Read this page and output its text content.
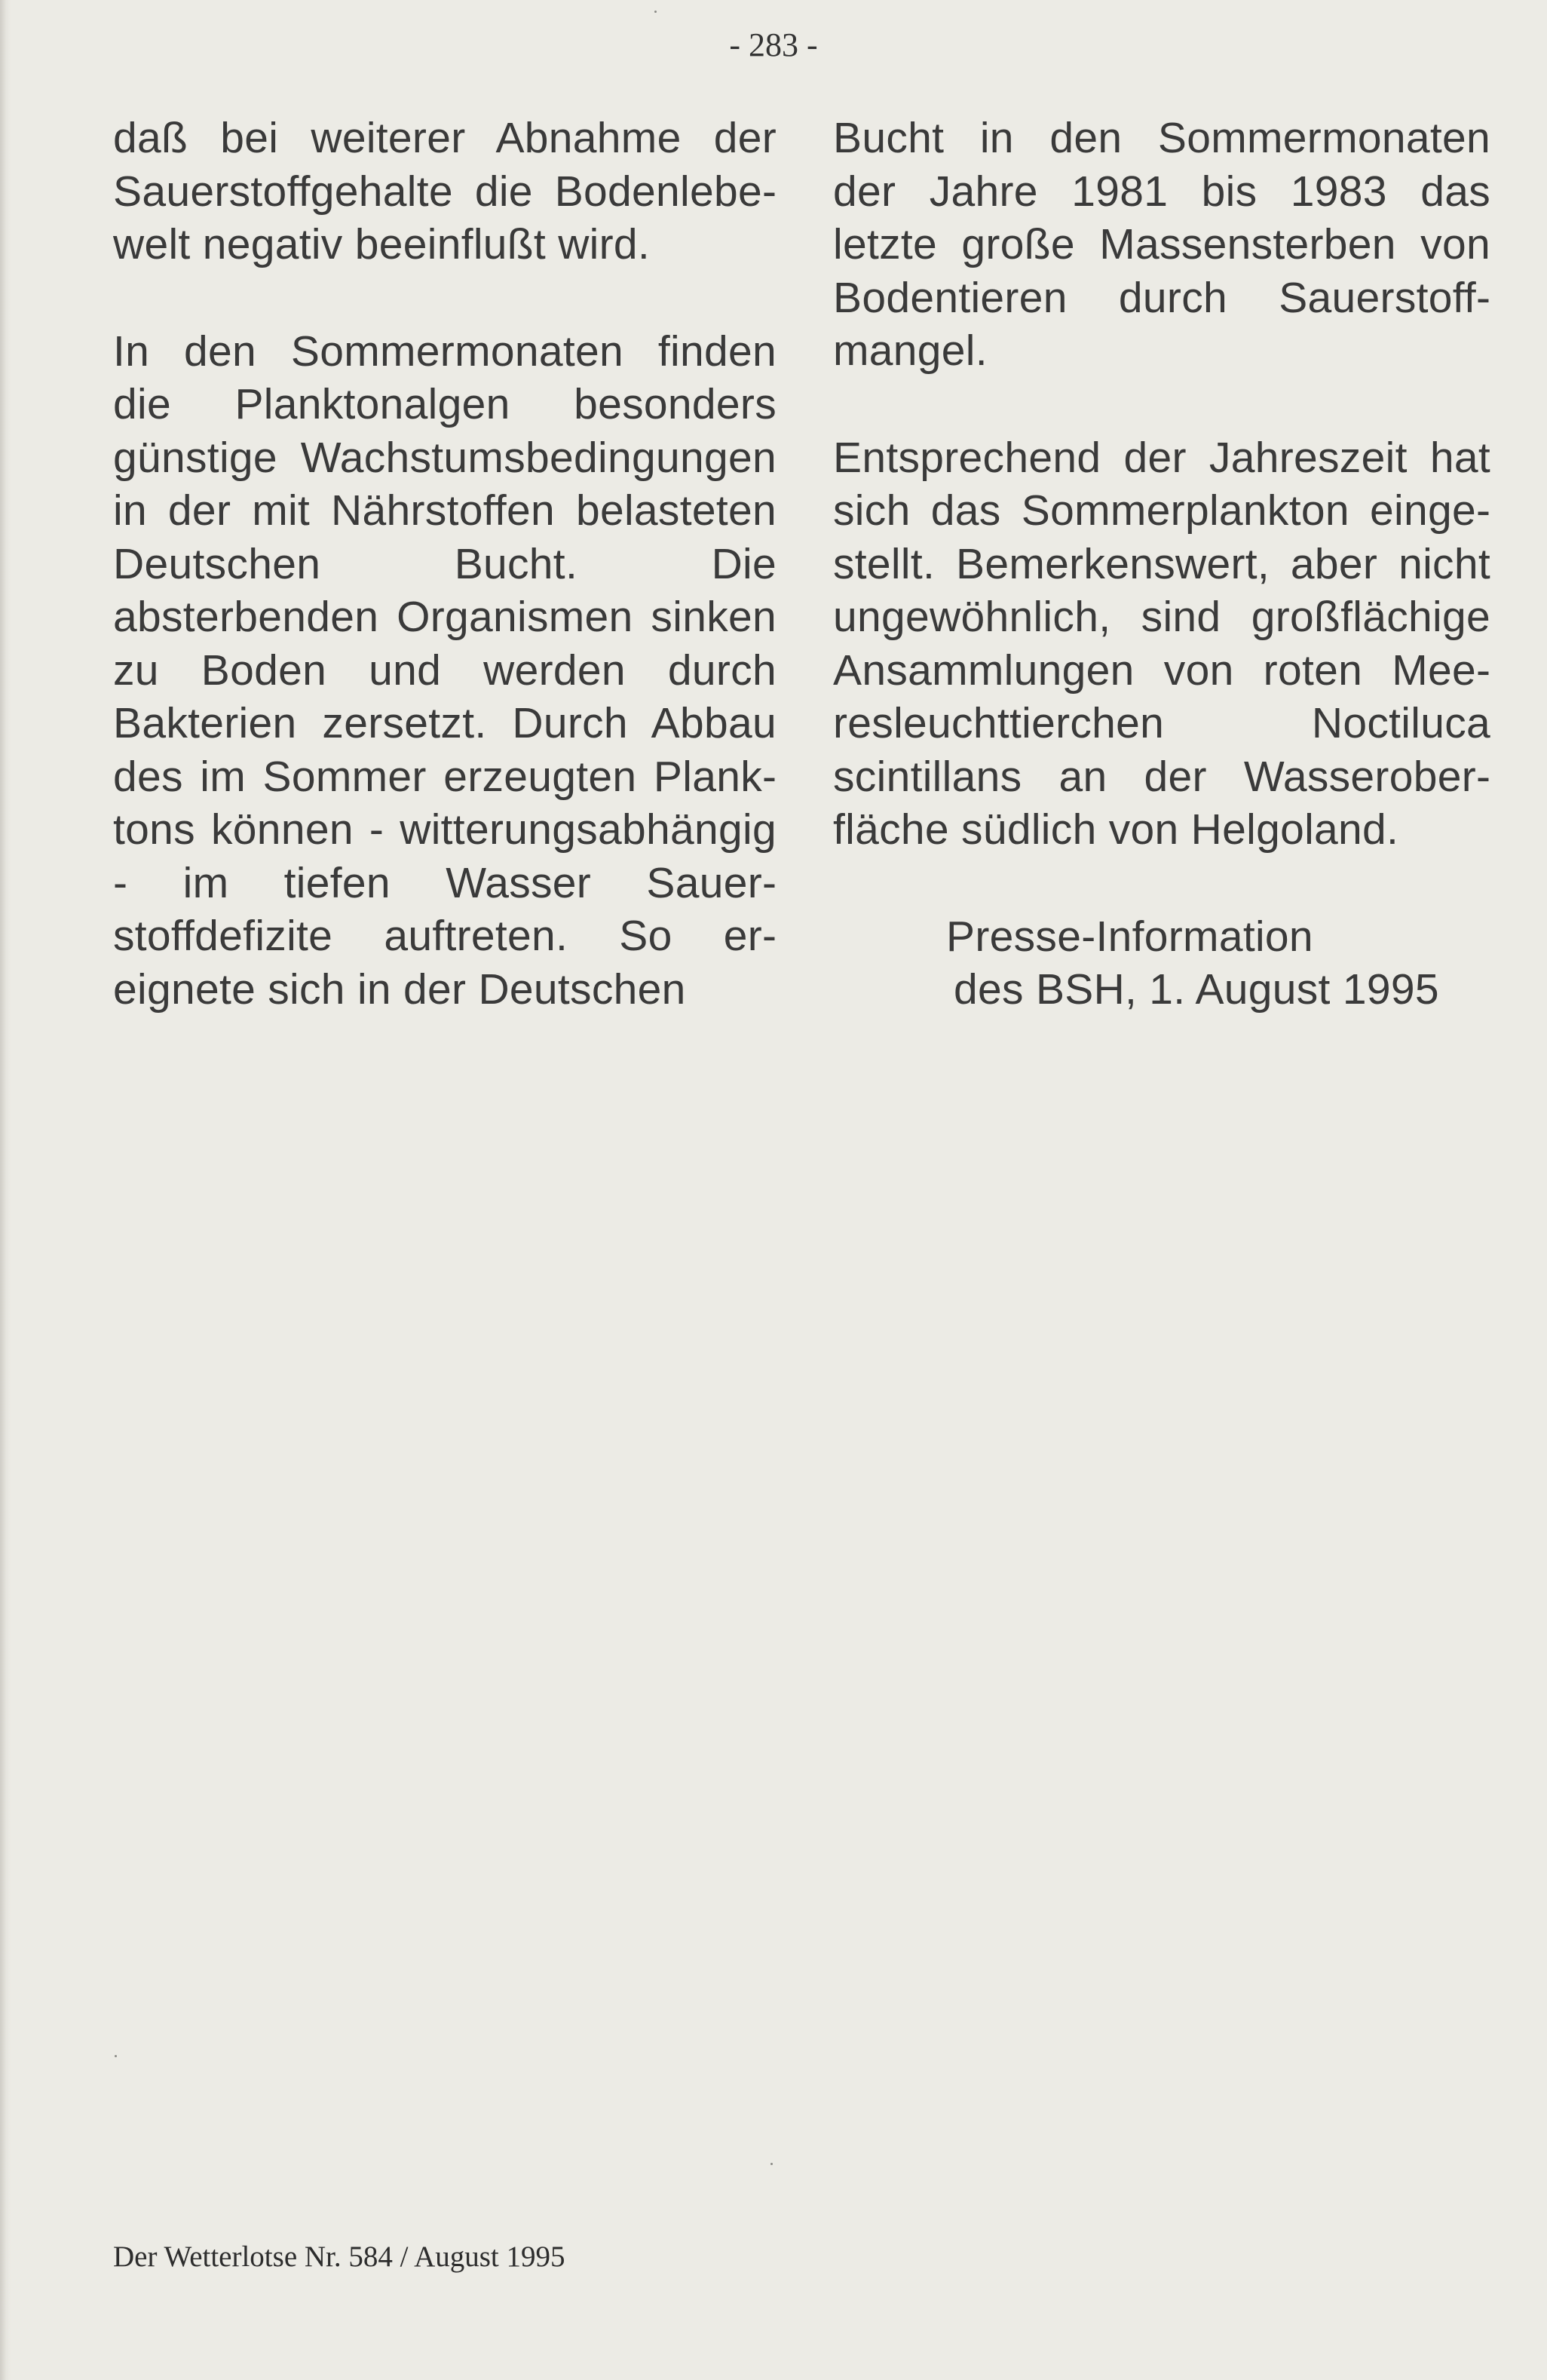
- 283 -

daß bei weiterer Abnahme der Sauerstoffgehalte die Bodenlebewelt negativ beeinflußt wird.

In den Sommermonaten finden die Planktonalgen besonders günstige Wachstumsbedingungen in der mit Nährstoffen belasteten Deutschen Bucht. Die absterbenden Organismen sinken zu Boden und werden durch Bakterien zersetzt. Durch Abbau des im Sommer erzeugten Planktons können - witterungsabhängig - im tiefen Wasser Sauerstoffdefizite auftreten. So ereignete sich in der Deutschen

Bucht in den Sommermonaten der Jahre 1981 bis 1983 das letzte große Massensterben von Bodentieren durch Sauerstoffmangel.

Entsprechend der Jahreszeit hat sich das Sommerplankton eingestellt. Bemerkenswert, aber nicht ungewöhnlich, sind großflächige Ansammlungen von roten Meeresleuchttierchen Noctiluca scintillans an der Wasseroberfläche südlich von Helgoland.

Presse-Information
des BSH, 1. August 1995
Der Wetterlotse Nr. 584 / August 1995
